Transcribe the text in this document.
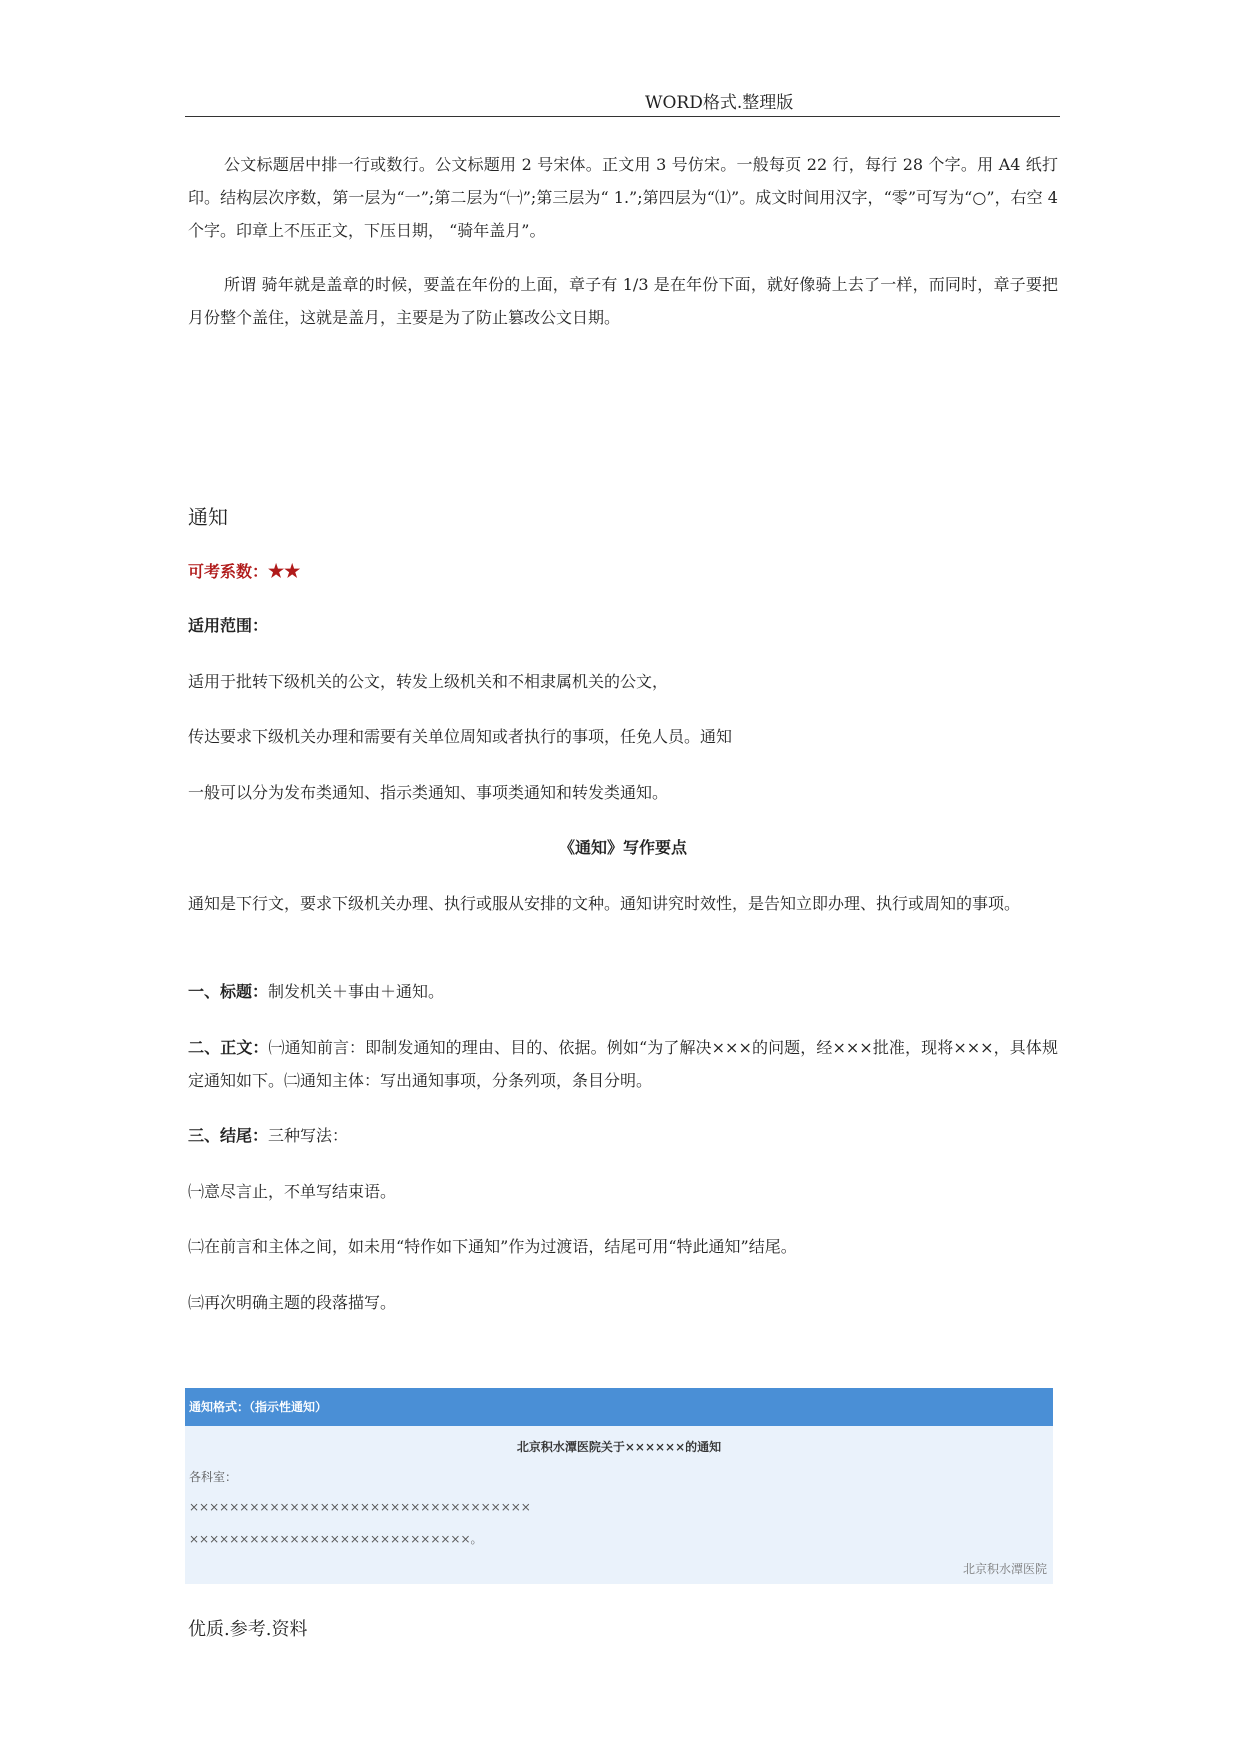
WORD格式.整理版

公文标题居中排一行或数行。公文标题用 2 号宋体。正文用 3 号仿宋。一般每页 22 行，每行 28 个字。用 A4 纸打印。结构层次序数，第一层为“一”;第二层为“㈠”;第三层为“ 1.”;第四层为“⑴”。成文时间用汉字，“零”可写为“○”，右空 4 个字。印章上不压正文，下压日期， “骑年盖月”。

所谓 骑年就是盖章的时候，要盖在年份的上面，章子有 1/3 是在年份下面，就好像骑上去了一样，而同时，章子要把月份整个盖住，这就是盖月，主要是为了防止篡改公文日期。

通知
可考系数：★★
适用范围：
适用于批转下级机关的公文，转发上级机关和不相隶属机关的公文，
传达要求下级机关办理和需要有关单位周知或者执行的事项，任免人员。通知
一般可以分为发布类通知、指示类通知、事项类通知和转发类通知。
《通知》写作要点

通知是下行文，要求下级机关办理、执行或服从安排的文种。通知讲究时效性，是告知立即办理、执行或周知的事项。

一、标题：制发机关＋事由＋通知。

二、正文：㈠通知前言：即制发通知的理由、目的、依据。例如“为了解决×××的问题，经×××批准，现将×××，具体规定通知如下。㈡通知主体：写出通知事项，分条列项，条目分明。

三、结尾：三种写法：
㈠意尽言止，不单写结束语。
㈡在前言和主体之间，如未用“特作如下通知”作为过渡语，结尾可用“特此通知”结尾。
㈢再次明确主题的段落描写。
通知格式：（指示性通知）
北京积水潭医院关于××××××的通知
各科室：
××××××××××××××××××××××××××××××××××
××××××××××××××××××××××××××××。
北京积水潭医院
优质.参考.资料
